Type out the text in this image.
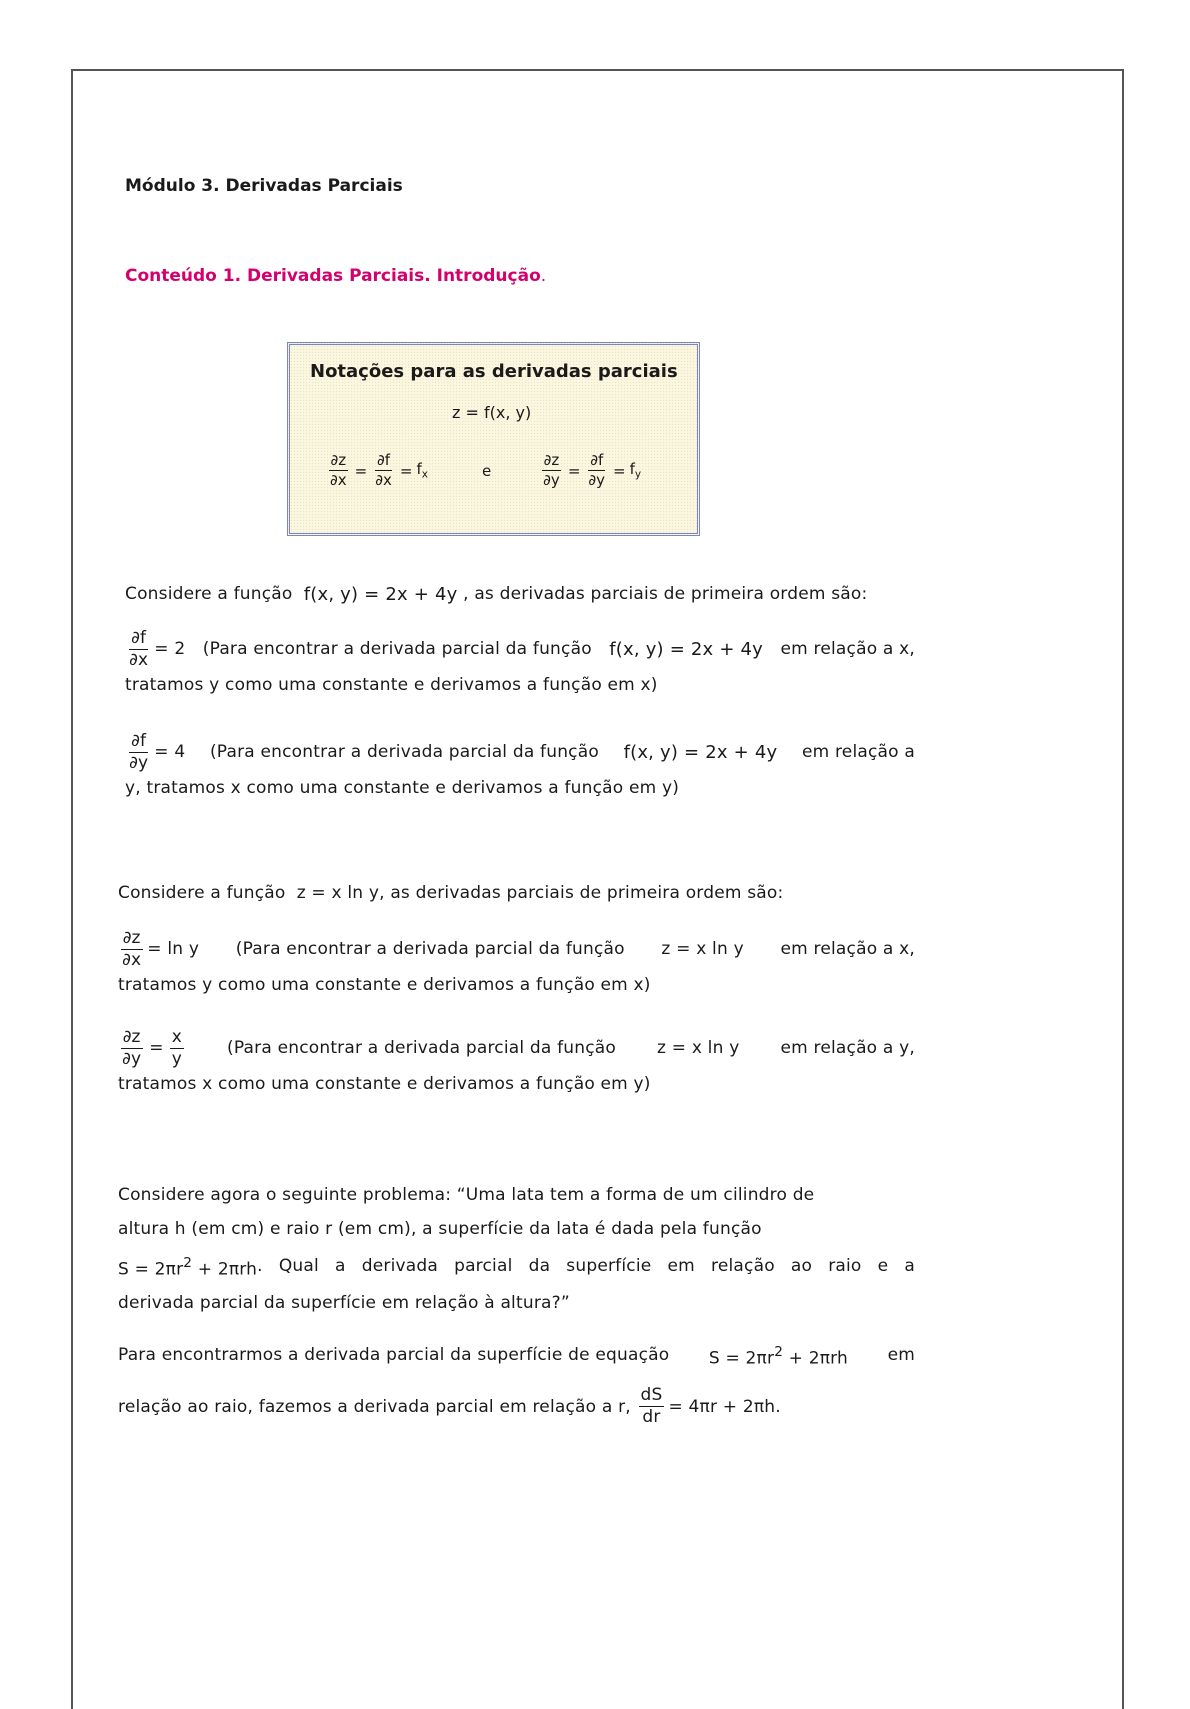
Módulo 3. Derivadas Parciais
Conteúdo 1. Derivadas Parciais. Introdução.
Notações para as derivadas parciais
z = f(x, y)
$\frac{\partial z}{\partial x} = \frac{\partial f}{\partial x} = f_x$	e	$\frac{\partial z}{\partial y} = \frac{\partial f}{\partial y} = f_y$
Considere a função
f(x, y) = 2x + 4y
, as derivadas parciais de primeira ordem são:
$\frac{\partial f}{\partial x} = 2$ (Para encontrar a derivada parcial da função f(x, y) = 2x + 4y em relação a x,
tratamos y como uma constante e derivamos a função em x)
$\frac{\partial f}{\partial y} = 4$ (Para encontrar a derivada parcial da função f(x, y) = 2x + 4y em relação a
y, tratamos x como uma constante e derivamos a função em y)
Considere a função
z = x ln y , as derivadas parciais de primeira ordem são:
$\frac{\partial z}{\partial x} = \ln y$ (Para encontrar a derivada parcial da função z = x ln y em relação a x,
tratamos y como uma constante e derivamos a função em x)
$\frac{\partial z}{\partial y} = \frac{x}{y}$	(Para encontrar a derivada parcial da função z = x ln y em relação a y,
tratamos x como uma constante e derivamos a função em y)
Considere agora o seguinte problema: “Uma lata tem a forma de um cilindro de
altura h (em cm) e raio r (em cm), a superfície da lata é dada pela função
$S = 2\pi r^2 + 2\pi rh$ . Qual a derivada parcial da superfície em relação ao raio e a
derivada parcial da superfície em relação à altura?”
Para encontrarmos a derivada parcial da superfície de equação $S = 2\pi r^2 + 2\pi rh$ em
relação ao raio, fazemos a derivada parcial em relação a r,
$\frac{dS}{dr} = 4\pi r + 2\pi h$ .
